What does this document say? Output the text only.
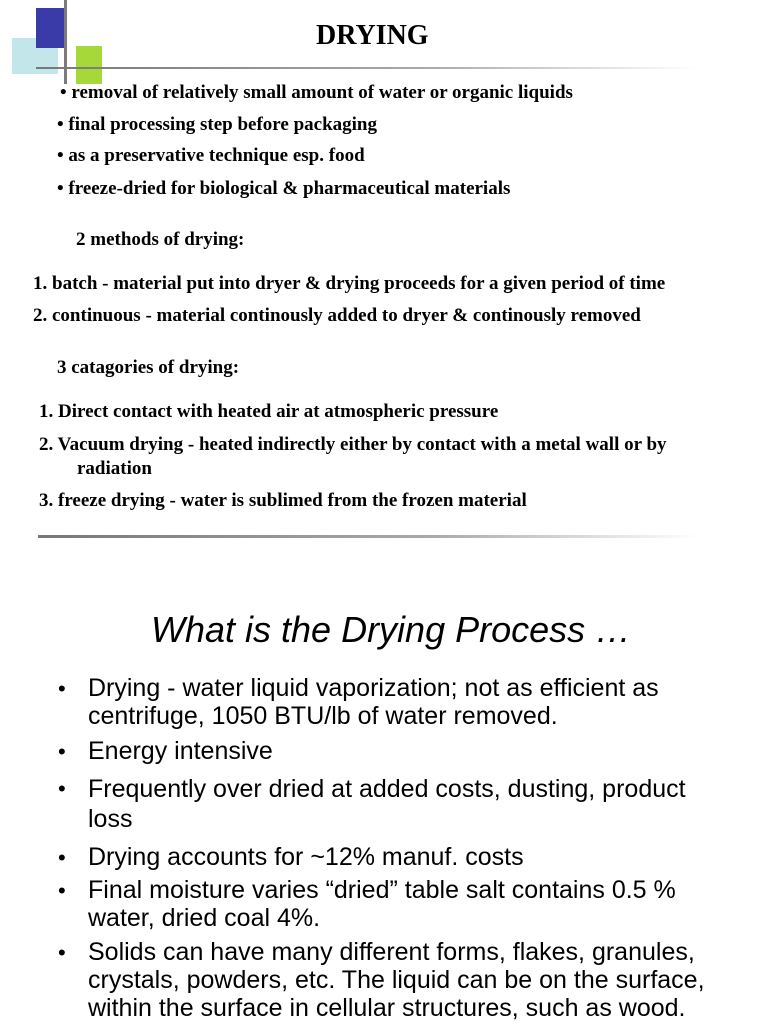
DRYING
• removal of relatively small amount of water or organic liquids
• final processing step before packaging
• as a preservative technique esp. food
• freeze-dried for biological & pharmaceutical materials
2 methods of drying:
1. batch - material put into dryer & drying proceeds for a given period of time
2. continuous - material continously added to dryer & continously removed
3 catagories of drying:
1. Direct contact with heated air at atmospheric pressure
2. Vacuum drying - heated indirectly either by contact with a metal wall or by
radiation
3. freeze drying - water is sublimed from the frozen material
What is the Drying Process …
• Drying - water liquid vaporization; not as efficient as
centrifuge, 1050 BTU/lb of water removed.
• Energy intensive
• Frequently over dried at added costs, dusting, product
loss
• Drying accounts for ~12% manuf. costs
• Final moisture varies “dried” table salt contains 0.5 %
water, dried coal 4%.
• Solids can have many different forms, flakes, granules,
crystals, powders, etc. The liquid can be on the surface,
within the surface in cellular structures, such as wood.
